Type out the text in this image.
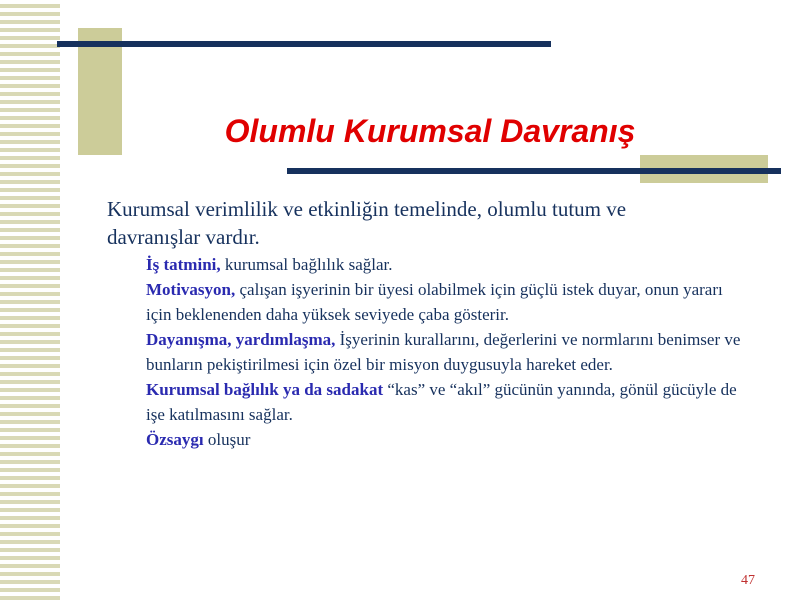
Olumlu Kurumsal Davranış
Kurumsal verimlilik ve etkinliğin temelinde, olumlu tutum ve davranışlar vardır.

İş tatmini, kurumsal bağlılık sağlar.

Motivasyon, çalışan işyerinin bir üyesi olabilmek için güçlü istek duyar, onun yararı için beklenenden daha yüksek seviyede çaba gösterir.

Dayanışma, yardımlaşma, İşyerinin kurallarını, değerlerini ve normlarını benimser ve bunların pekiştirilmesi için özel bir misyon duygusuyla hareket eder.

Kurumsal bağlılık ya da sadakat “kas” ve “akıl” gücünün yanında, gönül gücüyle de işe katılmasını sağlar.

Özsaygı oluşur

47
